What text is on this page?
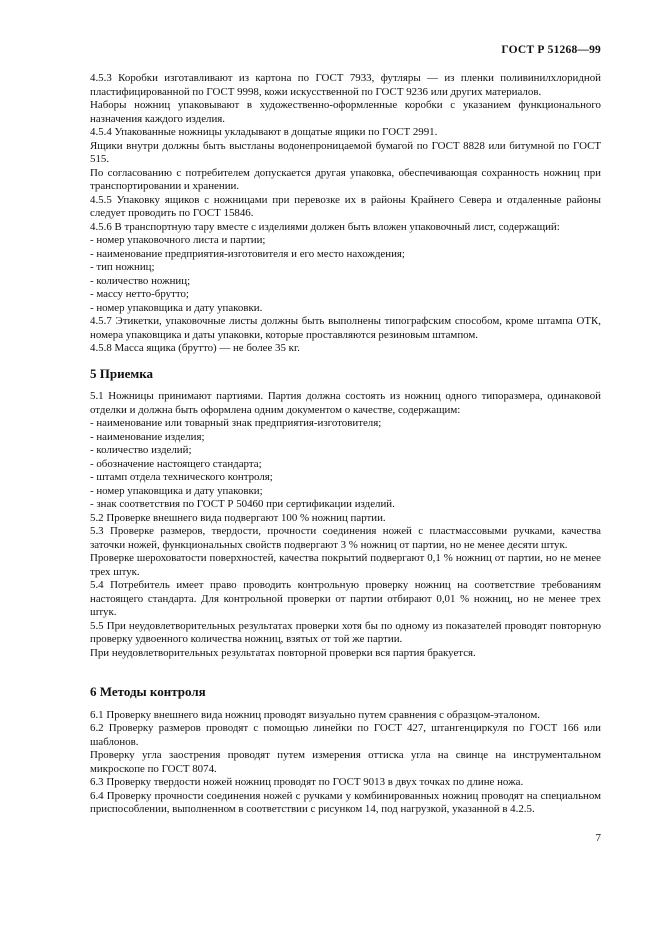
ГОСТ Р 51268—99

4.5.3 Коробки изготавливают из картона по ГОСТ 7933, футляры — из пленки поливинилхлоридной пластифицированной по ГОСТ 9998, кожи искусственной по ГОСТ 9236 или других материалов.

Наборы ножниц упаковывают в художественно-оформленные коробки с указанием функционального назначения каждого изделия.

4.5.4 Упакованные ножницы укладывают в дощатые ящики по ГОСТ 2991.

Ящики внутри должны быть выстланы водонепроницаемой бумагой по ГОСТ 8828 или битумной по ГОСТ 515.

По согласованию с потребителем допускается другая упаковка, обеспечивающая сохранность ножниц при транспортировании и хранении.

4.5.5 Упаковку ящиков с ножницами при перевозке их в районы Крайнего Севера и отдаленные районы следует проводить по ГОСТ 15846.

4.5.6 В транспортную тару вместе с изделиями должен быть вложен упаковочный лист, содержащий:

- номер упаковочного листа и партии;
- наименование предприятия-изготовителя и его место нахождения;
- тип ножниц;
- количество ножниц;
- массу нетто-брутто;
- номер упаковщика и дату упаковки.

4.5.7 Этикетки, упаковочные листы должны быть выполнены типографским способом, кроме штампа ОТК, номера упаковщика и даты упаковки, которые проставляются резиновым штампом.

4.5.8 Масса ящика (брутто) — не более 35 кг.

5 Приемка

5.1 Ножницы принимают партиями. Партия должна состоять из ножниц одного типоразмера, одинаковой отделки и должна быть оформлена одним документом о качестве, содержащим:

- наименование или товарный знак предприятия-изготовителя;
- наименование изделия;
- количество изделий;
- обозначение настоящего стандарта;
- штамп отдела технического контроля;
- номер упаковщика и дату упаковки;
- знак соответствия по ГОСТ Р 50460 при сертификации изделий.

5.2 Проверке внешнего вида подвергают 100 % ножниц партии.

5.3 Проверке размеров, твердости, прочности соединения ножей с пластмассовыми ручками, качества заточки ножей, функциональных свойств подвергают 3 % ножниц от партии, но не менее десяти штук.

Проверке шероховатости поверхностей, качества покрытий подвергают 0,1 % ножниц от партии, но не менее трех штук.

5.4 Потребитель имеет право проводить контрольную проверку ножниц на соответствие требованиям настоящего стандарта. Для контрольной проверки от партии отбирают 0,01 % ножниц, но не менее трех штук.

5.5 При неудовлетворительных результатах проверки хотя бы по одному из показателей проводят повторную проверку удвоенного количества ножниц, взятых от той же партии.

При неудовлетворительных результатах повторной проверки вся партия бракуется.

6 Методы контроля

6.1 Проверку внешнего вида ножниц проводят визуально путем сравнения с образцом-эталоном.

6.2 Проверку размеров проводят с помощью линейки по ГОСТ 427, штангенциркуля по ГОСТ 166 или шаблонов.

Проверку угла заострения проводят путем измерения оттиска угла на свинце на инструментальном микроскопе по ГОСТ 8074.

6.3 Проверку твердости ножей ножниц проводят по ГОСТ 9013 в двух точках по длине ножа.

6.4 Проверку прочности соединения ножей с ручками у комбинированных ножниц проводят на специальном приспособлении, выполненном в соответствии с рисунком 14, под нагрузкой, указанной в 4.2.5.

7
